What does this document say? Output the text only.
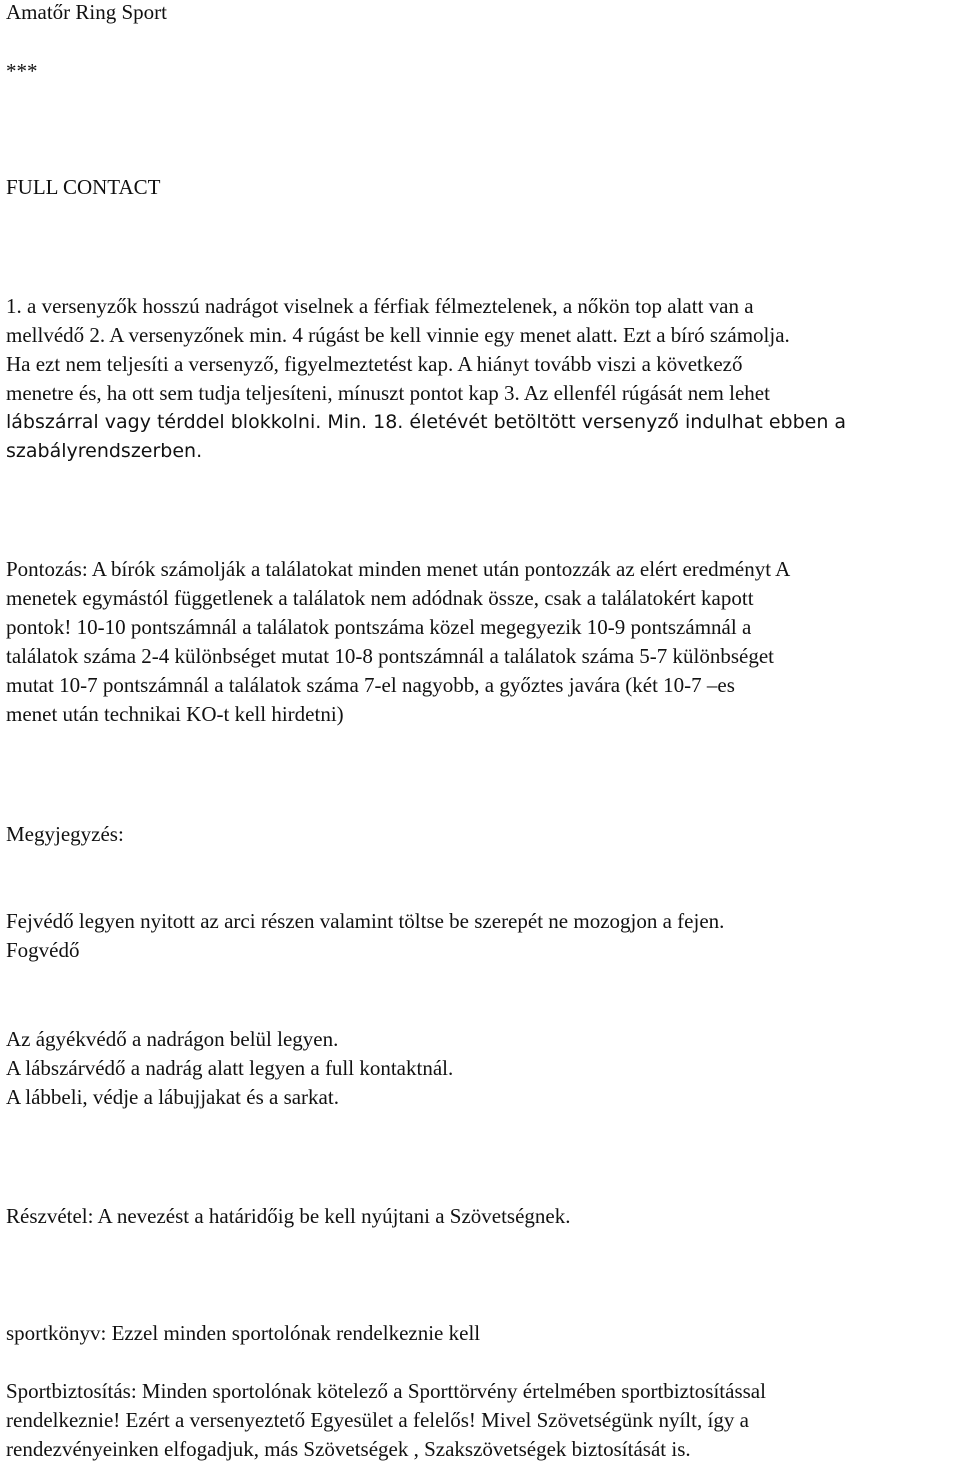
Amatőr Ring Sport
***
FULL CONTACT
1. a versenyzők hosszú nadrágot viselnek a férfiak félmeztelenek, a nőkön top alatt van a
mellvédő 2. A versenyzőnek min. 4 rúgást be kell vinnie egy menet alatt. Ezt a bíró számolja.
Ha ezt nem teljesíti a versenyző, figyelmeztetést kap. A hiányt tovább viszi a következő
menetre és, ha ott sem tudja teljesíteni, mínuszt pontot kap 3. Az ellenfél rúgását nem lehet
lábszárral vagy térddel blokkolni. Min. 18. életévét betöltött versenyző indulhat ebben a
szabályrendszerben.
Pontozás: A bírók számolják a találatokat minden menet után pontozzák az elért eredményt A
menetek egymástól függetlenek a találatok nem adódnak össze, csak a találatokért kapott
pontok! 10-10 pontszámnál a találatok pontszáma közel megegyezik 10-9 pontszámnál a
találatok száma 2-4 különbséget mutat 10-8 pontszámnál a találatok száma 5-7 különbséget
mutat 10-7 pontszámnál a találatok száma 7-el nagyobb, a győztes javára (két 10-7 –es
menet után technikai KO-t kell hirdetni)
Megyjegyzés:
Fejvédő legyen nyitott az arci részen valamint töltse be szerepét ne mozogjon a fejen.
Fogvédő
Az ágyékvédő a nadrágon belül legyen.
A lábszárvédő a nadrág alatt legyen a full kontaktnál.
A lábbeli, védje a lábujjakat és a sarkat.
Részvétel: A nevezést a határidőig be kell nyújtani a Szövetségnek.
sportkönyv: Ezzel minden sportolónak rendelkeznie kell
Sportbiztosítás: Minden sportolónak kötelező a Sporttörvény értelmében sportbiztosítással
rendelkeznie! Ezért a versenyeztető Egyesület a felelős! Mivel Szövetségünk nyílt, így a
rendezvényeinken elfogadjuk, más Szövetségek , Szakszövetségek biztosítását is.
